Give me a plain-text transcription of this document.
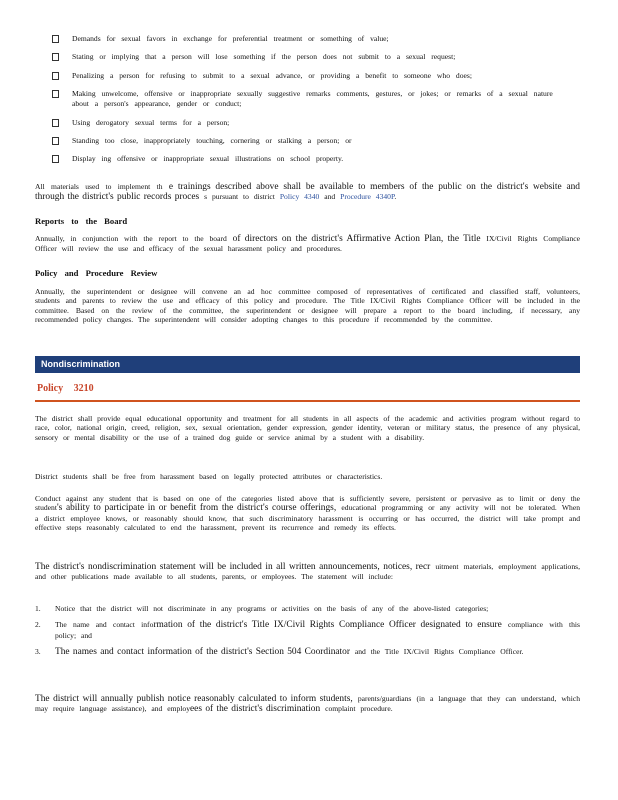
Demands for sexual favors in exchange for preferential treatment or something of value;
Stating or implying that a person will lose something if the person does not submit to a sexual request;
Penalizing a person for refusing to submit to a sexual advance, or providing a benefit to someone who does;
Making unwelcome, offensive or inappropriate sexually suggestive remarks comments, gestures, or jokes; or remarks of a sexual nature about a person's appearance, gender or conduct;
Using derogatory sexual terms for a person;
Standing too close, inappropriately touching, cornering or stalking a person; or
Display ing offensive or inappropriate sexual illustrations on school property.

All materials used to implement th e trainings described above shall be available to members of the public on the district's website and through the district's public records proces s pursuant to district Policy 4340 and Procedure 4340P.

Reports to the Board

Annually, in conjunction with the report to the board of directors on the district's Affirmative Action Plan, the Title IX/Civil Rights Compliance Officer will review the use and efficacy of the sexual harassment policy and procedures.

Policy and Procedure Review

Annually, the superintendent or designee will convene an ad hoc committee composed of representatives of certificated and classified staff, volunteers, students and parents to review the use and efficacy of this policy and procedure. The Title IX/Civil Rights Compliance Officer will be included in the committee. Based on the review of the committee, the superintendent or designee will prepare a report to the board including, if necessary, any recommended policy changes. The superintendent will consider adopting changes to this procedure if recommended by the committee.

Nondiscrimination

Policy 3210

The district shall provide equal educational opportunity and treatment for all students in all aspects of the academic and activities program without regard to race, color, national origin, creed, religion, sex, sexual orientation, gender expression, gender identity, veteran or military status, the presence of any physical, sensory or mental disability or the use of a trained dog guide or service animal by a student with a disability.

District students shall be free from harassment based on legally protected attributes or characteristics.

Conduct against any student that is based on one of the categories listed above that is sufficiently severe, persistent or pervasive as to limit or deny the student's ability to participate in or benefit from the district's course offerings, educational programming or any activity will not be tolerated. When a district employee knows, or reasonably should know, that such discriminatory harassment is occurring or has occurred, the district will take prompt and effective steps reasonably calculated to end the harassment, prevent its recurrence and remedy its effects.

The district's nondiscrimination statement will be included in all written announcements, notices, recr uitment materials, employment applications, and other publications made available to all students, parents, or employees. The statement will include:

1. Notice that the district will not discriminate in any programs or activities on the basis of any of the above-listed categories;
2. The name and contact information of the district's Title IX/Civil Rights Compliance Officer designated to ensure compliance with this policy; and
3. The names and contact information of the district's Section 504 Coordinator and the Title IX/Civil Rights Compliance Officer.

The district will annually publish notice reasonably calculated to inform students, parents/guardians (in a language that they can understand, which may require language assistance), and employees of the district's discrimination complaint procedure.
